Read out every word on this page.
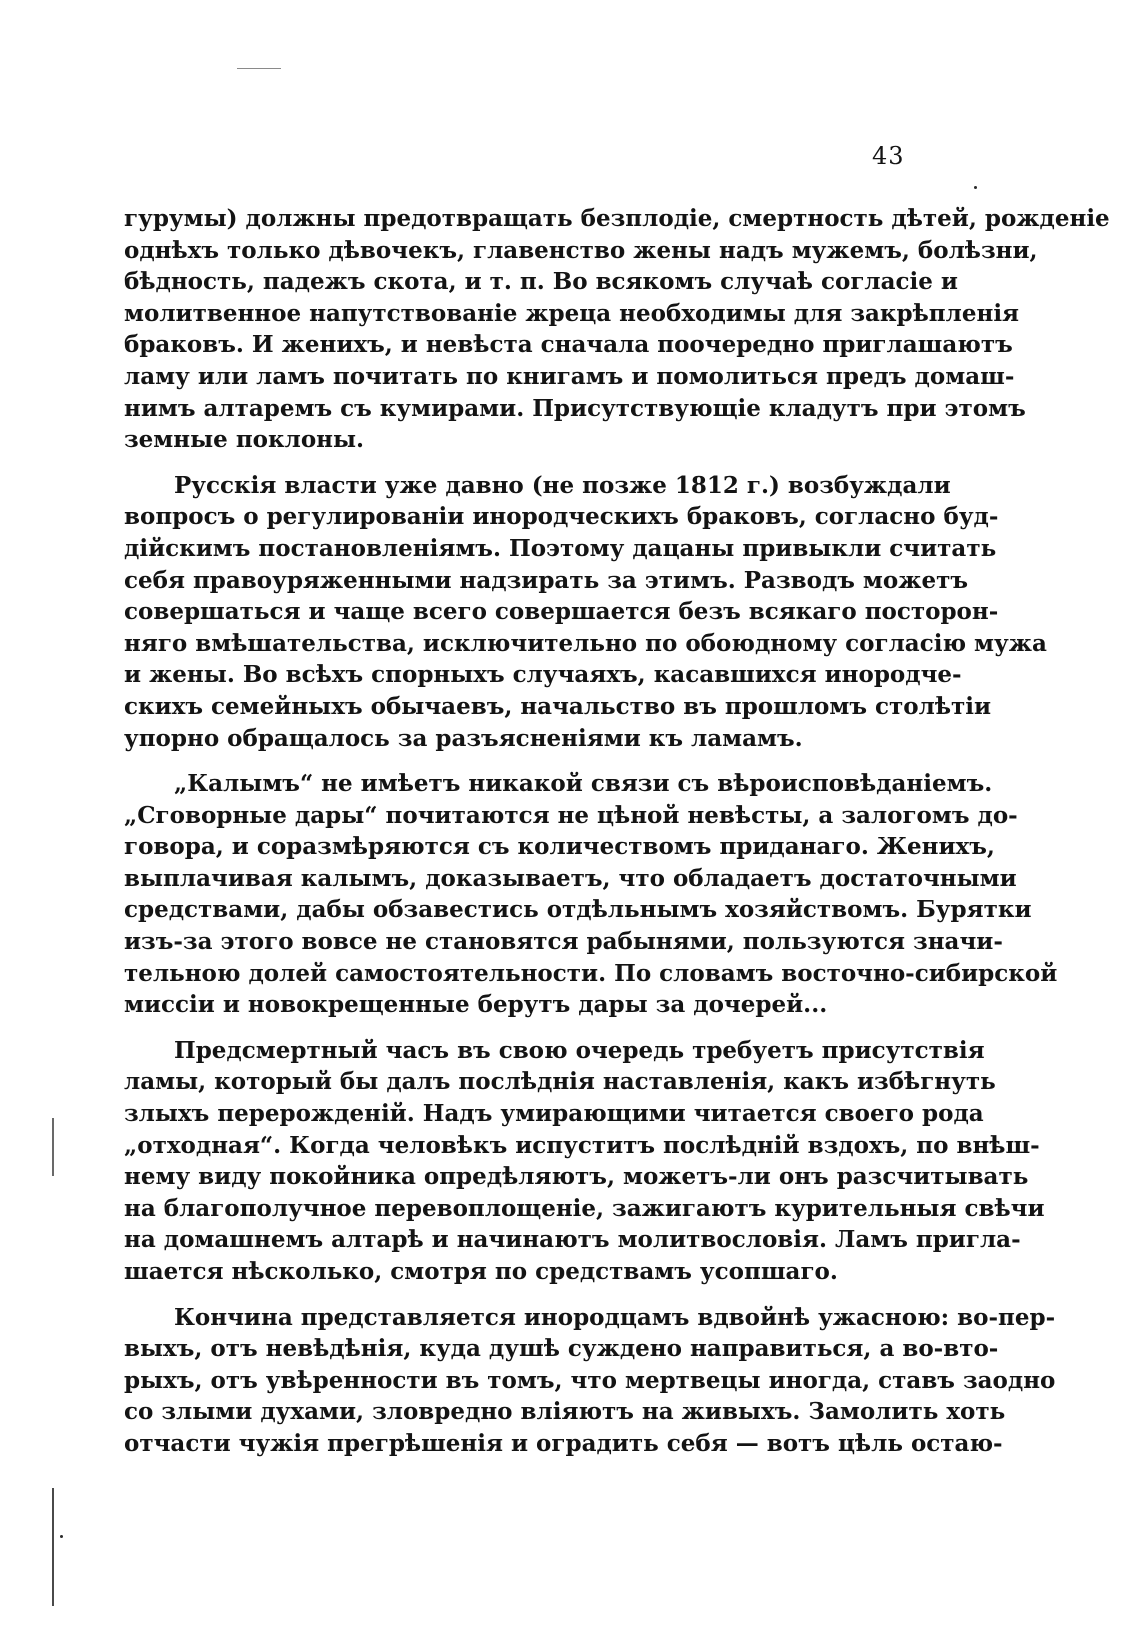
43

гурумы) должны предотвращать безплодіе, смертность дѣтей, рожденіе
однѣхъ только дѣвочекъ, главенство жены надъ мужемъ, болѣзни,
бѣдность, падежъ скота, и т. п. Во всякомъ случаѣ согласіе и
молитвенное напутствованіе жреца необходимы для закрѣпленія
браковъ. И женихъ, и невѣста сначала поочередно приглашаютъ
ламу или ламъ почитать по книгамъ и помолиться предъ домаш-
нимъ алтаремъ съ кумирами. Присутствующіе кладутъ при этомъ
земные поклоны.

Русскія власти уже давно (не позже 1812 г.) возбуждали
вопросъ о регулированіи инородческихъ браковъ, согласно буд-
дійскимъ постановленіямъ. Поэтому дацаны привыкли считать
себя правоуряженными надзирать за этимъ. Разводъ можетъ
совершаться и чаще всего совершается безъ всякаго посторон-
няго вмѣшательства, исключительно по обоюдному согласію мужа
и жены. Во всѣхъ спорныхъ случаяхъ, касавшихся инородче-
скихъ семейныхъ обычаевъ, начальство въ прошломъ столѣтіи
упорно обращалось за разъясненіями къ ламамъ.

„Калымъ“ не имѣетъ никакой связи съ вѣроисповѣданіемъ.
„Сговорные дары“ почитаются не цѣной невѣсты, а залогомъ до-
говора, и соразмѣряются съ количествомъ приданаго. Женихъ,
выплачивая калымъ, доказываетъ, что обладаетъ достаточными
средствами, дабы обзавестись отдѣльнымъ хозяйствомъ. Бурятки
изъ-за этого вовсе не становятся рабынями, пользуются значи-
тельною долей самостоятельности. По словамъ восточно-сибирской
миссіи и новокрещенные берутъ дары за дочерей...

Предсмертный часъ въ свою очередь требуетъ присутствія
ламы, который бы далъ послѣднія наставленія, какъ избѣгнуть
злыхъ перерожденій. Надъ умирающими читается своего рода
„отходная“. Когда человѣкъ испуститъ послѣдній вздохъ, по внѣш-
нему виду покойника опредѣляютъ, можетъ-ли онъ разсчитывать
на благополучное перевоплощеніе, зажигаютъ курительныя свѣчи
на домашнемъ алтарѣ и начинаютъ молитвословія. Ламъ пригла-
шается нѣсколько, смотря по средствамъ усопшаго.

Кончина представляется инородцамъ вдвойнѣ ужасною: во-пер-
выхъ, отъ невѣдѣнія, куда душѣ суждено направиться, а во-вто-
рыхъ, отъ увѣренности въ томъ, что мертвецы иногда, ставъ заодно
со злыми духами, зловредно вліяютъ на живыхъ. Замолить хоть
отчасти чужія прегрѣшенія и оградить себя — вотъ цѣль остаю-
